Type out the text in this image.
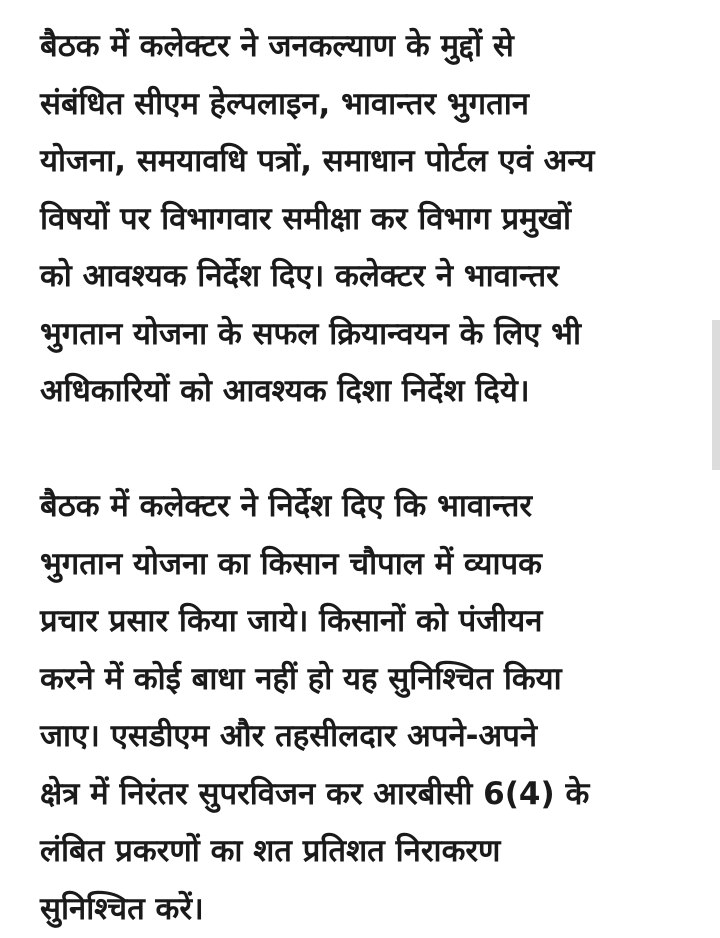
बैठक में कलेक्टर ने जनकल्याण के मुद्दों से
संबंधित सीएम हेल्पलाइन, भावान्तर भुगतान
योजना, समयावधि पत्रों, समाधान पोर्टल एवं अन्य
विषयों पर विभागवार समीक्षा कर विभाग प्रमुखों
को आवश्यक निर्देश दिए। कलेक्टर ने भावान्तर
भुगतान योजना के सफल क्रियान्वयन के लिए भी
अधिकारियों को आवश्यक दिशा निर्देश दिये।

बैठक में कलेक्टर ने निर्देश दिए कि भावान्तर
भुगतान योजना का किसान चौपाल में व्यापक
प्रचार प्रसार किया जाये। किसानों को पंजीयन
करने में कोई बाधा नहीं हो यह सुनिश्चित किया
जाए। एसडीएम और तहसीलदार अपने-अपने
क्षेत्र में निरंतर सुपरविजन कर आरबीसी 6(4) के
लंबित प्रकरणों का शत प्रतिशत निराकरण
सुनिश्चित करें।
